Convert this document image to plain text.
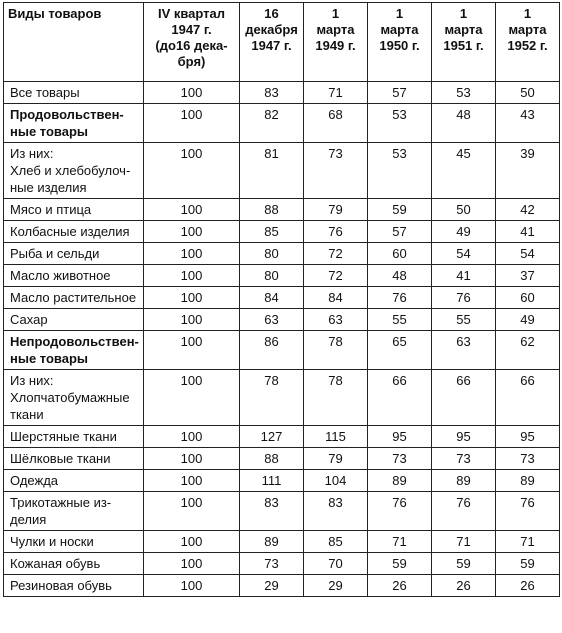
Виды товаров	IV квартал
1947 г.
(до16 дека-
бря)	16
декабря
1947 г.	1
марта
1949 г.	1
марта
1950 г.	1
марта
1951 г.	1
марта
1952 г.
Все товары	100	83	71	57	53	50
Продовольствен-
ные товары	100	82	68	53	48	43
Из них:
Хлеб и хлебобулоч-
ные изделия	100	81	73	53	45	39
Мясо и птица	100	88	79	59	50	42
Колбасные изделия	100	85	76	57	49	41
Рыба и сельди	100	80	72	60	54	54
Масло животное	100	80	72	48	41	37
Масло растительное	100	84	84	76	76	60
Сахар	100	63	63	55	55	49
Непродовольствен-
ные товары	100	86	78	65	63	62
Из них:
Хлопчатобумажные
ткани	100	78	78	66	66	66
Шерстяные ткани	100	127	115	95	95	95
Шёлковые ткани	100	88	79	73	73	73
Одежда	100	111	104	89	89	89
Трикотажные из-
делия	100	83	83	76	76	76
Чулки и носки	100	89	85	71	71	71
Кожаная обувь	100	73	70	59	59	59
Резиновая обувь	100	29	29	26	26	26
